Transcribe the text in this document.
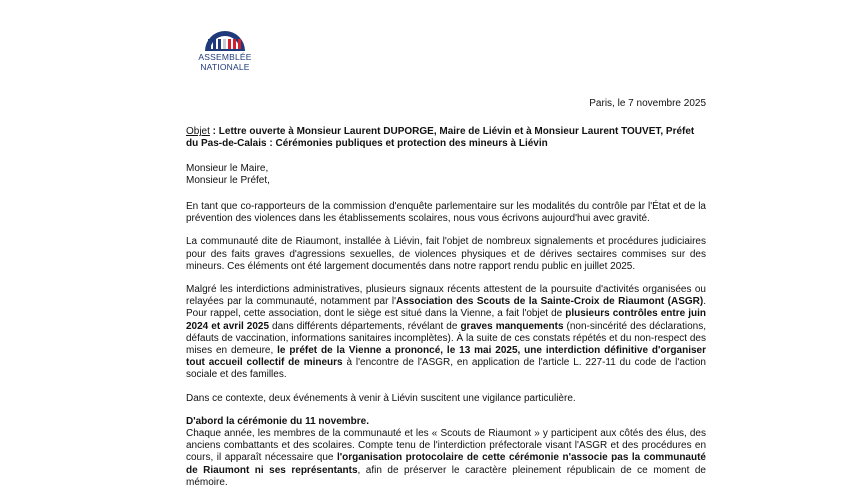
ASSEMBLÉE
NATIONALE
Paris, le 7 novembre 2025
Objet : Lettre ouverte à Monsieur Laurent DUPORGE, Maire de Liévin et à Monsieur Laurent TOUVET, Préfet du Pas-de-Calais : Cérémonies publiques et protection des mineurs à Liévin
Monsieur le Maire,
Monsieur le Préfet,

En tant que co-rapporteurs de la commission d'enquête parlementaire sur les modalités du contrôle par l'État et de la prévention des violences dans les établissements scolaires, nous vous écrivons aujourd'hui avec gravité.

La communauté dite de Riaumont, installée à Liévin, fait l'objet de nombreux signalements et procédures judiciaires pour des faits graves d'agressions sexuelles, de violences physiques et de dérives sectaires commises sur des mineurs. Ces éléments ont été largement documentés dans notre rapport rendu public en juillet 2025.

Malgré les interdictions administratives, plusieurs signaux récents attestent de la poursuite d'activités organisées ou relayées par la communauté, notamment par l'Association des Scouts de la Sainte-Croix de Riaumont (ASGR). Pour rappel, cette association, dont le siège est situé dans la Vienne, a fait l'objet de plusieurs contrôles entre juin 2024 et avril 2025 dans différents départements, révélant de graves manquements (non-sincérité des déclarations, défauts de vaccination, informations sanitaires incomplètes). À la suite de ces constats répétés et du non-respect des mises en demeure, le préfet de la Vienne a prononcé, le 13 mai 2025, une interdiction définitive d'organiser tout accueil collectif de mineurs à l'encontre de l'ASGR, en application de l'article L. 227-11 du code de l'action sociale et des familles.

Dans ce contexte, deux événements à venir à Liévin suscitent une vigilance particulière.

D'abord la cérémonie du 11 novembre.
Chaque année, les membres de la communauté et les « Scouts de Riaumont » y participent aux côtés des élus, des anciens combattants et des scolaires. Compte tenu de l'interdiction préfectorale visant l'ASGR et des procédures en cours, il apparaît nécessaire que l'organisation protocolaire de cette cérémonie n'associe pas la communauté de Riaumont ni ses représentants, afin de préserver le caractère pleinement républicain de ce moment de mémoire.
